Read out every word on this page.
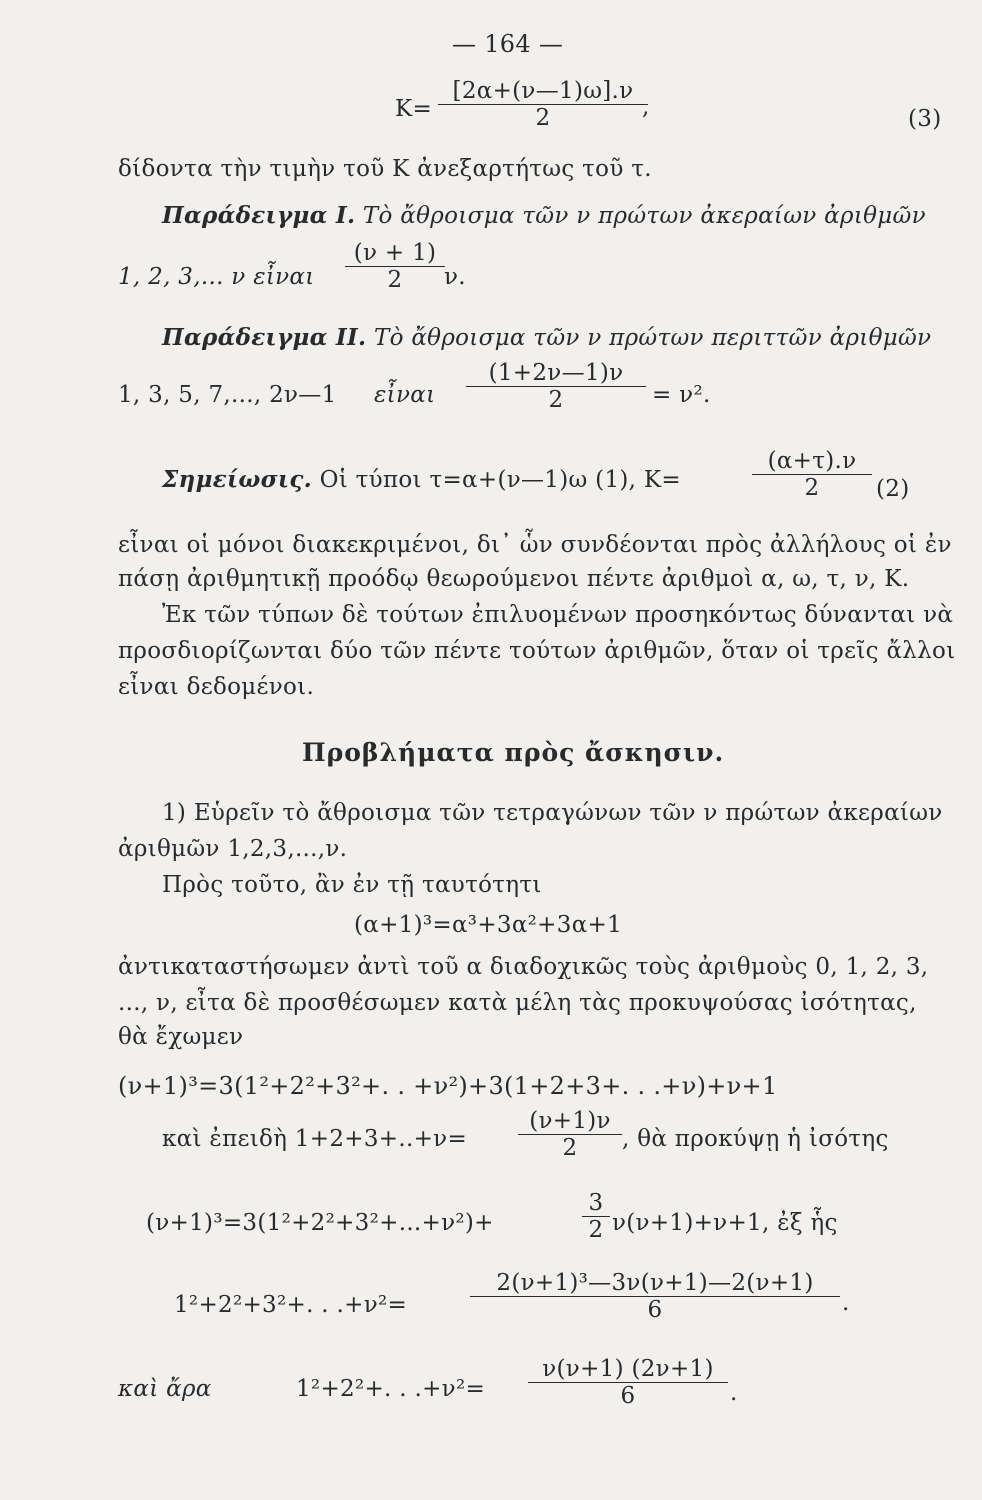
— 164 —
K=
[2α+(ν—1)ω].ν
2	,	(3)
δίδοντα τὴν τιμὴν τοῦ K ἀνεξαρτήτως τοῦ τ.
Παράδειγμα I. Τὸ ἄθροισμα τῶν ν πρώτων ἀκεραίων ἀριθμῶν
1, 2, 3,... ν εἶναι
(ν + 1)
2	ν.
Παράδειγμα II. Τὸ ἄθροισμα τῶν ν πρώτων περιττῶν ἀριθμῶν
1, 3, 5, 7,..., 2ν—1 εἶναι
(1+2ν—1)ν
2	= ν².
Σημείωσις. Οἱ τύποι τ=α+(ν—1)ω (1), K=
(α+τ).ν
2	(2)
εἶναι οἱ μόνοι διακεκριμένοι, δι᾽ ὧν συνδέονται πρὸς ἀλλήλους οἱ ἐν
πάσῃ ἀριθμητικῇ προόδῳ θεωρούμενοι πέντε ἀριθμοὶ α, ω, τ, ν, K.
Ἐκ τῶν τύπων δὲ τούτων ἐπιλυομένων προσηκόντως δύνανται νὰ
προσδιορίζωνται δύο τῶν πέντε τούτων ἀριθμῶν, ὅταν οἱ τρεῖς ἄλλοι
εἶναι δεδομένοι.
Προβλήματα πρὸς ἄσκησιν.
1) Εὑρεῖν τὸ ἄθροισμα τῶν τετραγώνων τῶν ν πρώτων ἀκεραίων
ἀριθμῶν 1,2,3,...,ν.
Πρὸς τοῦτο, ἂν ἐν τῇ ταυτότητι
(α+1)³=α³+3α²+3α+1
ἀντικαταστήσωμεν ἀντὶ τοῦ α διαδοχικῶς τοὺς ἀριθμοὺς 0, 1, 2, 3,
..., ν, εἶτα δὲ προσθέσωμεν κατὰ μέλη τὰς προκυψούσας ἰσότητας,
θὰ ἔχωμεν
(ν+1)³=3(1²+2²+3²+. . +ν²)+3(1+2+3+. . .+ν)+ν+1
καὶ ἐπειδὴ 1+2+3+..+ν=
(ν+1)ν
2	, θὰ προκύψῃ ἡ ἰσότης
(ν+1)³=3(1²+2²+3²+...+ν²)+
3
2 ν(ν+1)+ν+1, ἐξ ἧς
1²+2²+3²+. . .+ν²=
2(ν+1)³—3ν(ν+1)—2(ν+1)
6	.
καὶ ἄρα	1²+2²+. . .+ν²=
ν(ν+1) (2ν+1)
6	.
